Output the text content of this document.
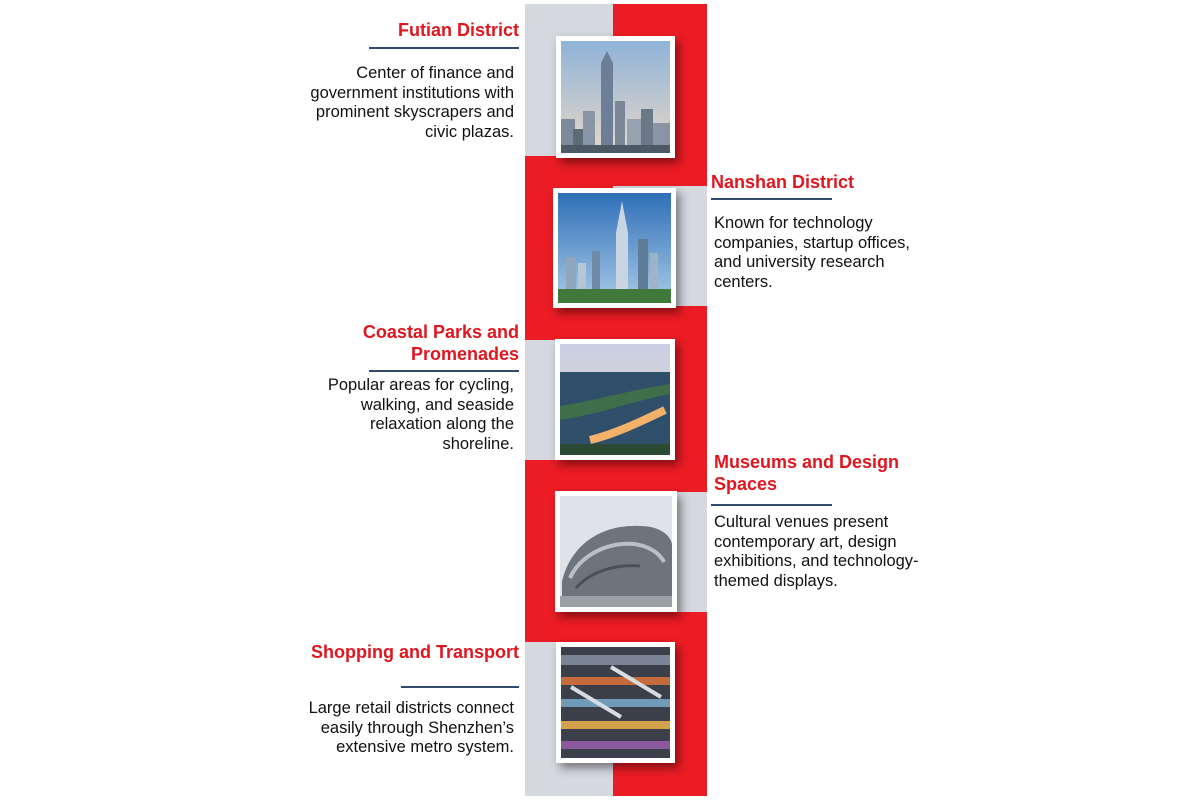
Futian District
Center of finance and government institutions with prominent skyscrapers and civic plazas.
Nanshan District
Known for technology companies, startup offices, and university research centers.
Coastal Parks and Promenades
Popular areas for cycling, walking, and seaside relaxation along the shoreline.
Museums and Design Spaces
Cultural venues present contemporary art, design exhibitions, and technology-themed displays.
Shopping and Transport
Large retail districts connect easily through Shenzhen’s extensive metro system.
